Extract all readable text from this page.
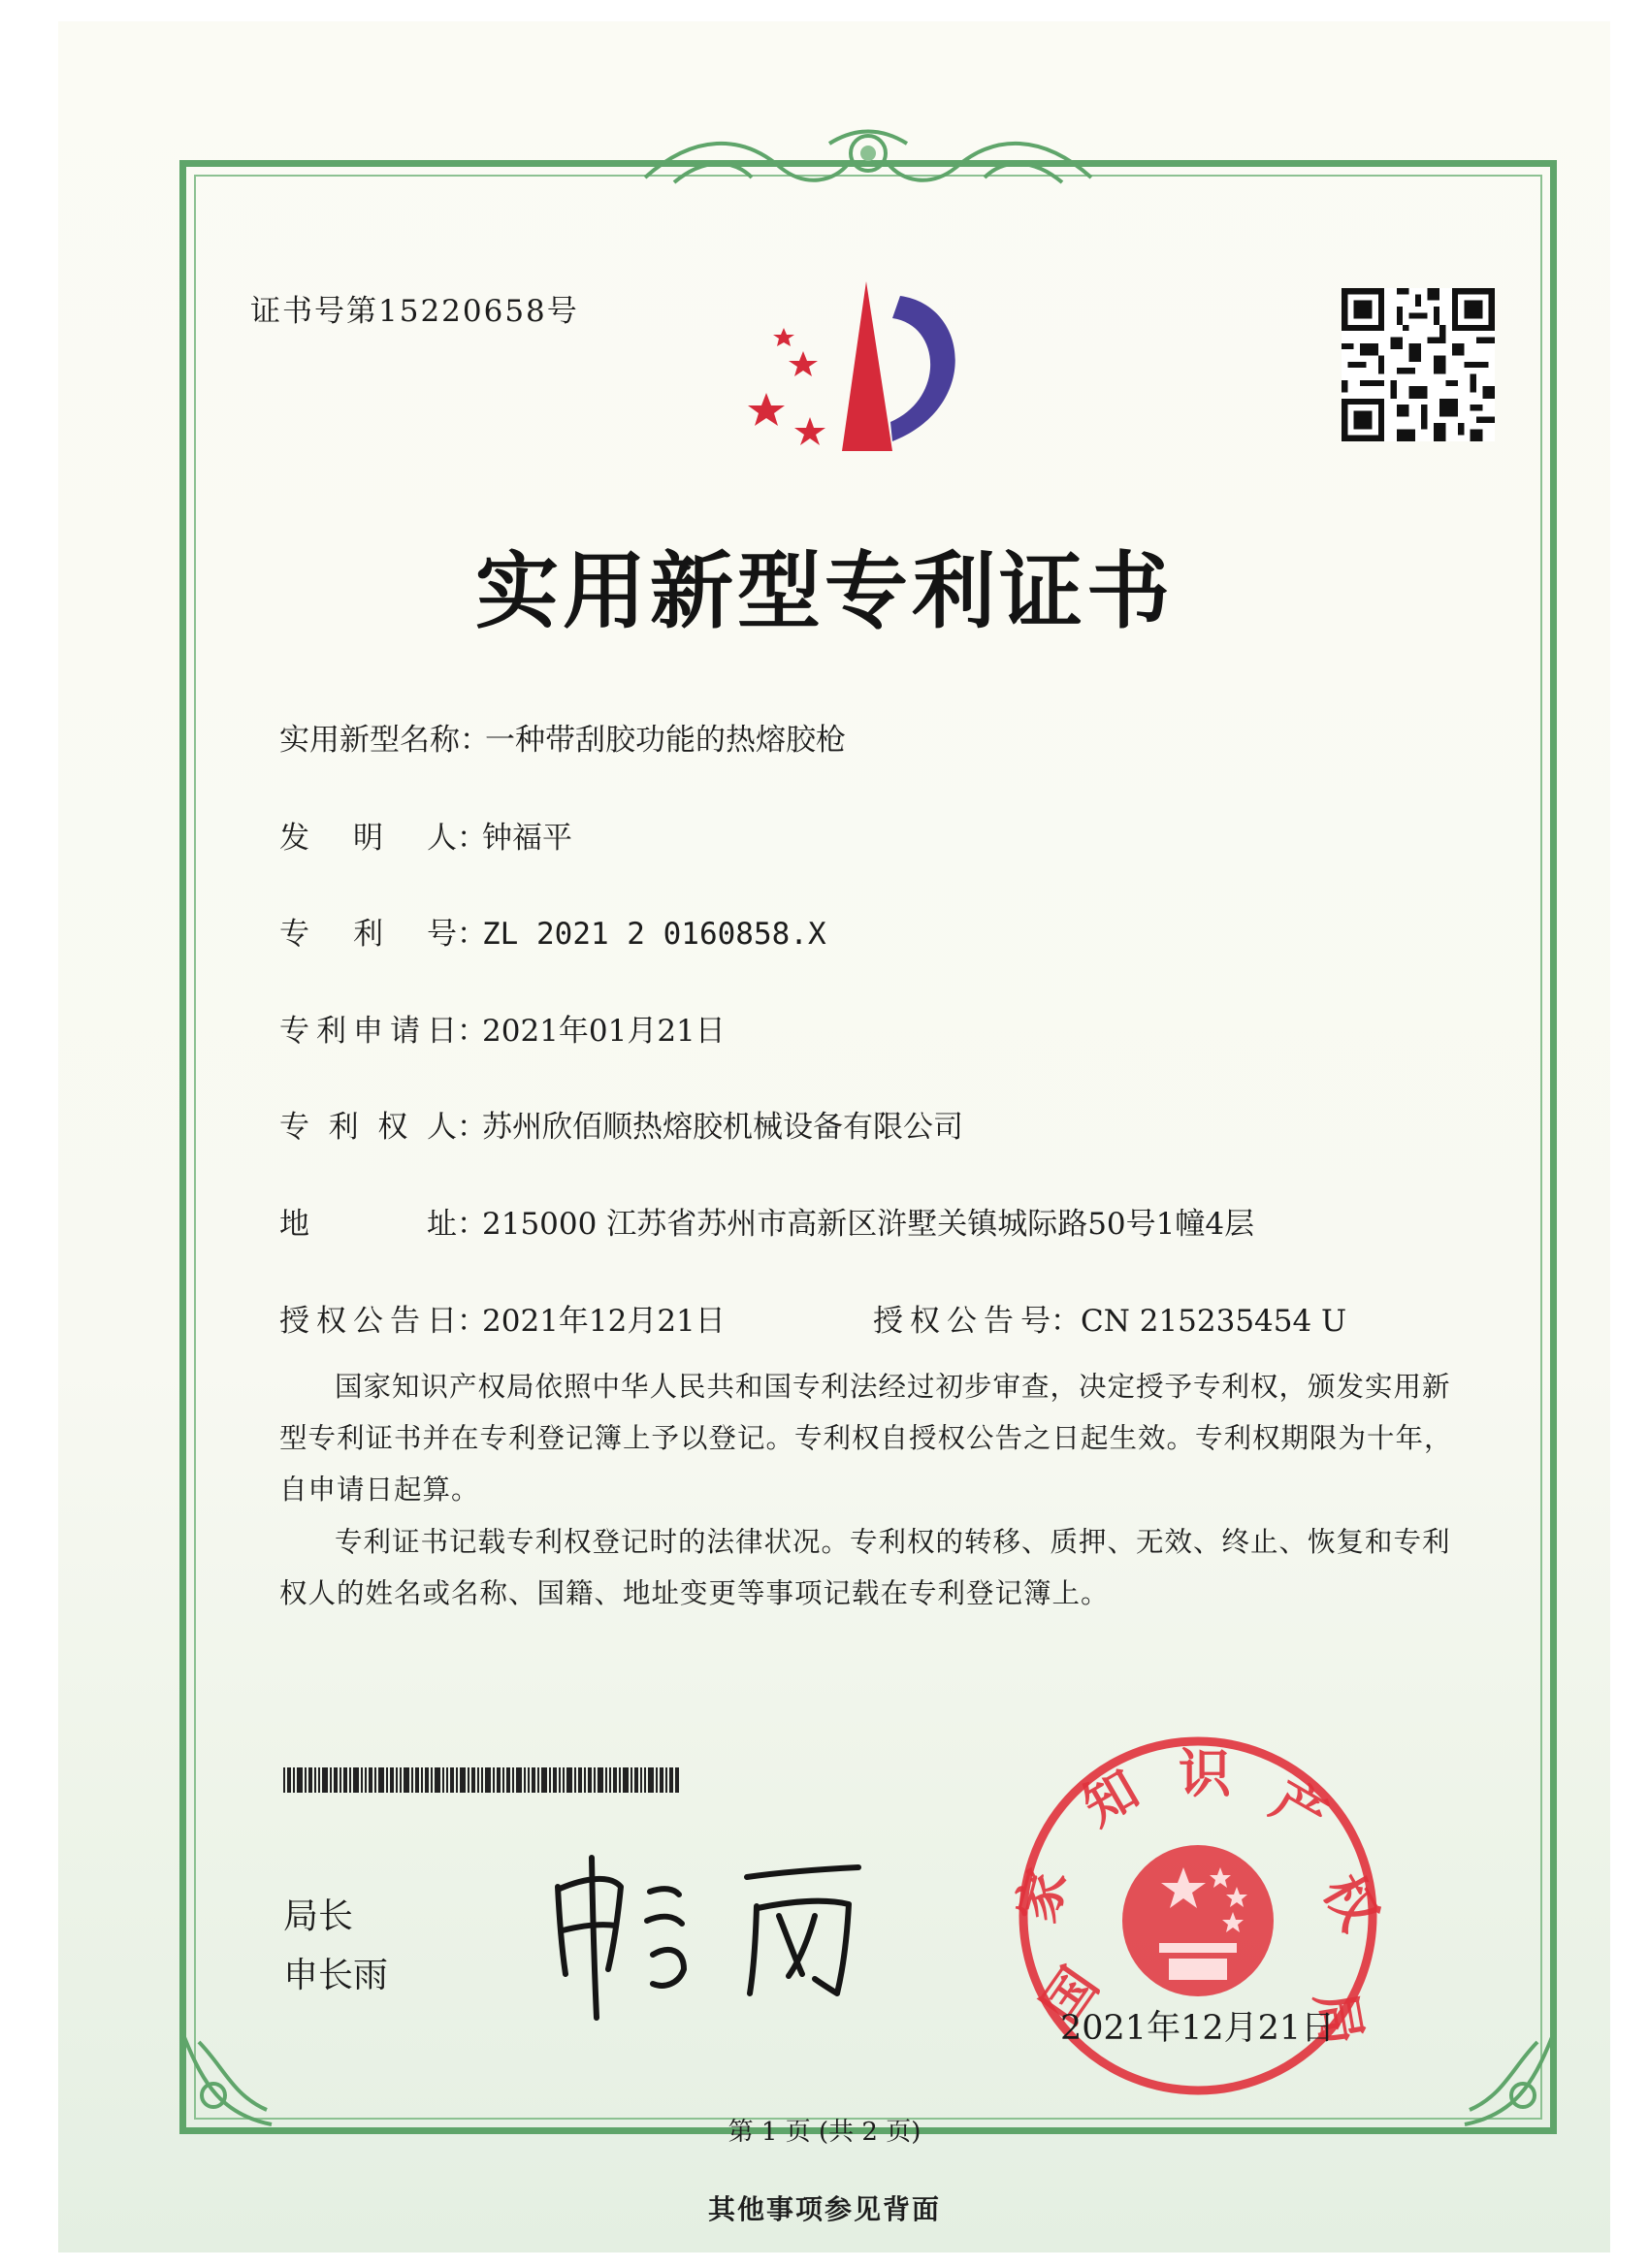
证书号第15220658号
实用新型专利证书
实用新型名称：一种带刮胶功能的热熔胶枪
发明人：钟福平
专利号：ZL 2021 2 0160858.X
专利申请日：2021年01月21日
专利权人：苏州欣佰顺热熔胶机械设备有限公司
地址：215000 江苏省苏州市高新区浒墅关镇城际路50号1幢4层
授权公告日：2021年12月21日	授权公告号：CN 215235454 U

国家知识产权局依照中华人民共和国专利法经过初步审查，决定授予专利权，颁发实用新型专利证书并在专利登记簿上予以登记。专利权自授权公告之日起生效。专利权期限为十年，自申请日起算。

专利证书记载专利权登记时的法律状况。专利权的转移、质押、无效、终止、恢复和专利权人的姓名或名称、国籍、地址变更等事项记载在专利登记簿上。

局长
申长雨	国
家
知 识 产
权
局
2021年12月21日
第 1 页 (共 2 页)
其他事项参见背面
